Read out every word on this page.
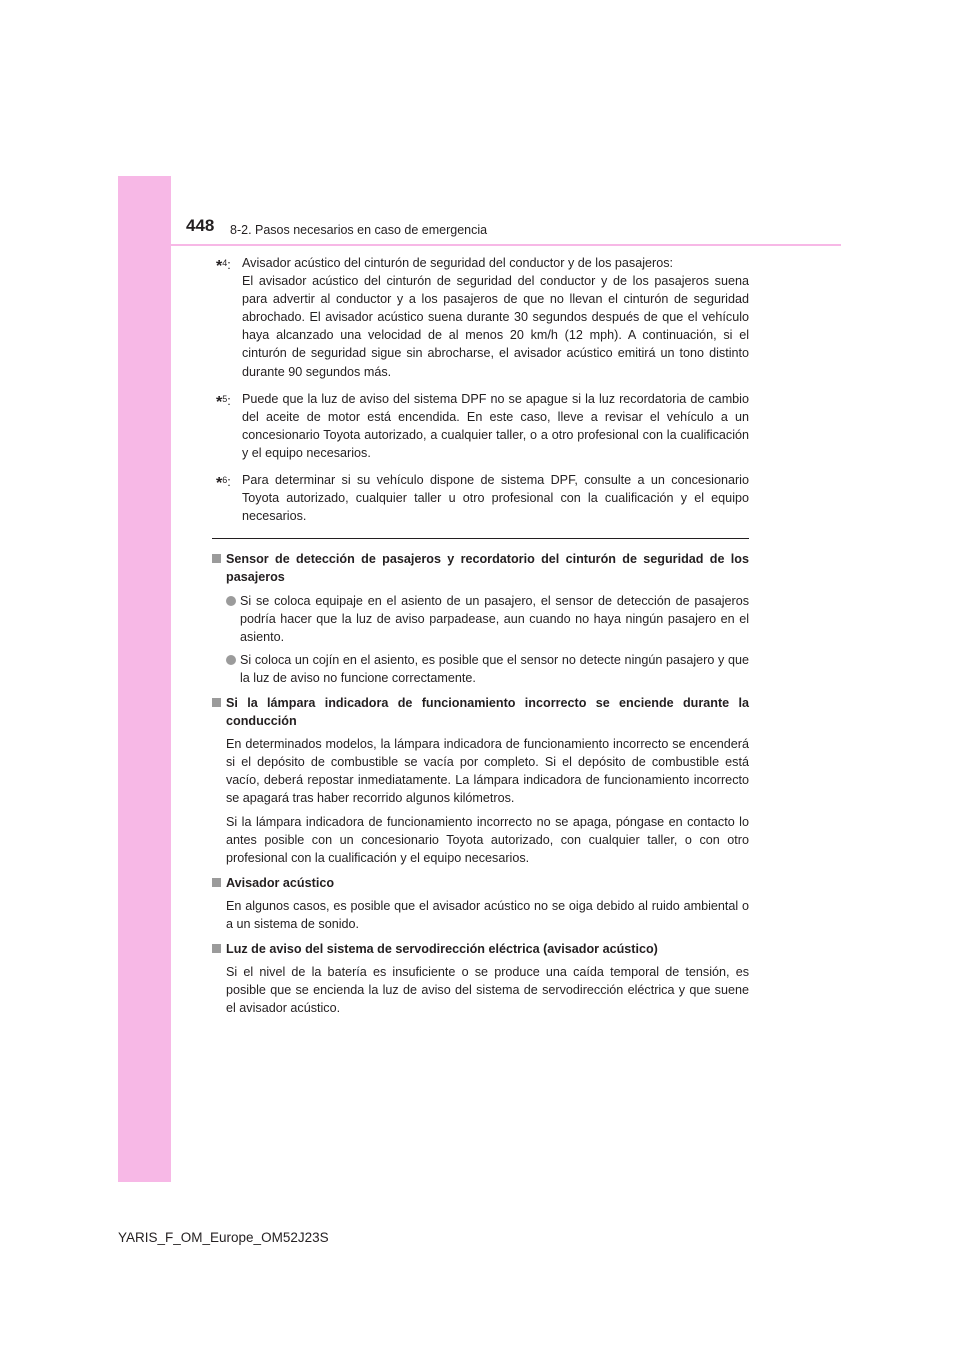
448 8-2. Pasos necesarios en caso de emergencia
*$^4$: Avisador acústico del cinturón de seguridad del conductor y de los pasajeros:

El avisador acústico del cinturón de seguridad del conductor y de los pasajeros suena para advertir al conductor y a los pasajeros de que no llevan el cinturón de seguridad abrochado. El avisador acústico suena durante 30 segundos después de que el vehículo haya alcanzado una velocidad de al menos 20 km/h (12 mph). A continuación, si el cinturón de seguridad sigue sin abrocharse, el avisador acústico emitirá un tono distinto durante 90 segundos más.

*$^5$: Puede que la luz de aviso del sistema DPF no se apague si la luz recordatoria de cambio del aceite de motor está encendida. En este caso, lleve a revisar el vehículo a un concesionario Toyota autorizado, a cualquier taller, o a otro profesional con la cualificación y el equipo necesarios.

*$^6$: Para determinar si su vehículo dispone de sistema DPF, consulte a un concesionario Toyota autorizado, cualquier taller u otro profesional con la cualificación y el equipo necesarios.

Sensor de detección de pasajeros y recordatorio del cinturón de seguridad de los pasajeros

Si se coloca equipaje en el asiento de un pasajero, el sensor de detección de pasajeros podría hacer que la luz de aviso parpadease, aun cuando no haya ningún pasajero en el asiento.

Si coloca un cojín en el asiento, es posible que el sensor no detecte ningún pasajero y que la luz de aviso no funcione correctamente.

Si la lámpara indicadora de funcionamiento incorrecto se enciende durante la conducción

En determinados modelos, la lámpara indicadora de funcionamiento incorrecto se encenderá si el depósito de combustible se vacía por completo. Si el depósito de combustible está vacío, deberá repostar inmediatamente. La lámpara indicadora de funcionamiento incorrecto se apagará tras haber recorrido algunos kilómetros.

Si la lámpara indicadora de funcionamiento incorrecto no se apaga, póngase en contacto lo antes posible con un concesionario Toyota autorizado, con cualquier taller, o con otro profesional con la cualificación y el equipo necesarios.

Avisador acústico

En algunos casos, es posible que el avisador acústico no se oiga debido al ruido ambiental o a un sistema de sonido.

Luz de aviso del sistema de servodirección eléctrica (avisador acústico)

Si el nivel de la batería es insuficiente o se produce una caída temporal de tensión, es posible que se encienda la luz de aviso del sistema de servodirección eléctrica y que suene el avisador acústico.

YARIS_F_OM_Europe_OM52J23S
